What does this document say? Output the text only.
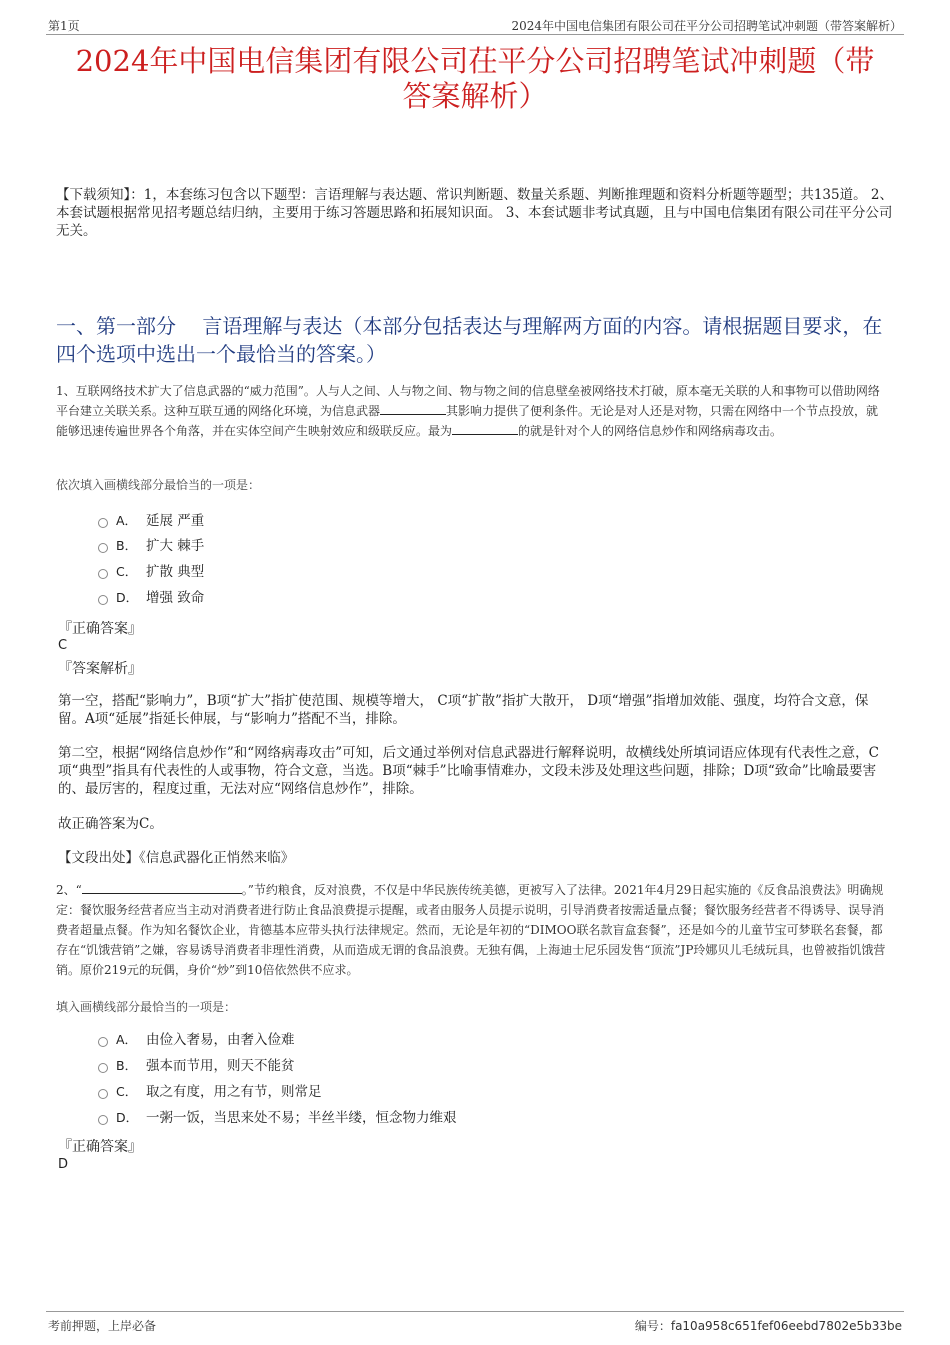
第1页	2024年中国电信集团有限公司茌平分公司招聘笔试冲刺题（带答案解析）
2024年中国电信集团有限公司茌平分公司招聘笔试冲刺题（带
答案解析）
【下载须知】：1，本套练习包含以下题型：言语理解与表达题、常识判断题、数量关系题、判断推理题和资料分析题等题型；共135道。 2、本套试题根据常见招考题总结归纳，主要用于练习答题思路和拓展知识面。 3、本套试题非考试真题，且与中国电信集团有限公司茌平分公司无关。
一、第一部分　 言语理解与表达（本部分包括表达与理解两方面的内容。请根据题目要求，在四个选项中选出一个最恰当的答案。）
1、互联网络技术扩大了信息武器的“威力范围”。人与人之间、人与物之间、物与物之间的信息壁垒被网络技术打破，原本毫无关联的人和事物可以借助网络平台建立关联关系。这种互联互通的网络化环境，为信息武器	其影响力提供了便利条件。无论是对人还是对物，只需在网络中一个节点投放，就能够迅速传遍世界各个角落，并在实体空间产生映射效应和级联反应。最为	的就是针对个人的网络信息炒作和网络病毒攻击。
依次填入画横线部分最恰当的一项是：
A． 延展 严重
B． 扩大 棘手
C． 扩散 典型
D． 增强 致命
『正确答案』
C
『答案解析』
第一空，搭配“影响力”，B项“扩大”指扩使范围、规模等增大， C项“扩散”指扩大散开， D项“增强”指增加效能、强度，均符合文意，保留。A项“延展”指延长伸展，与“影响力”搭配不当，排除。
第二空，根据“网络信息炒作”和“网络病毒攻击”可知，后文通过举例对信息武器进行解释说明，故横线处所填词语应体现有代表性之意，C项“典型”指具有代表性的人或事物，符合文意，当选。B项“棘手”比喻事情难办，文段未涉及处理这些问题，排除；D项“致命”比喻最要害的、最厉害的，程度过重，无法对应“网络信息炒作”，排除。
故正确答案为C。
【文段出处】《信息武器化正悄然来临》
2、“	。”节约粮食，反对浪费，不仅是中华民族传统美德，更被写入了法律。2021年4月29日起实施的《反食品浪费法》明确规定：餐饮服务经营者应当主动对消费者进行防止食品浪费提示提醒，或者由服务人员提示说明，引导消费者按需适量点餐；餐饮服务经营者不得诱导、误导消费者超量点餐。作为知名餐饮企业，肯德基本应带头执行法律规定。然而，无论是年初的“DIMOO联名款盲盒套餐”，还是如今的儿童节宝可梦联名套餐，都存在“饥饿营销”之嫌，容易诱导消费者非理性消费，从而造成无谓的食品浪费。无独有偶，上海迪士尼乐园发售“顶流”JP玲娜贝儿毛绒玩具，也曾被指饥饿营销。原价219元的玩偶，身价“炒”到10倍依然供不应求。
填入画横线部分最恰当的一项是：
A． 由俭入奢易，由奢入俭难
B． 强本而节用，则天不能贫
C． 取之有度，用之有节，则常足
D． 一粥一饭，当思来处不易；半丝半缕，恒念物力维艰
『正确答案』
D
考前押题，上岸必备	编号：fa10a958c651fef06eebd7802e5b33be
